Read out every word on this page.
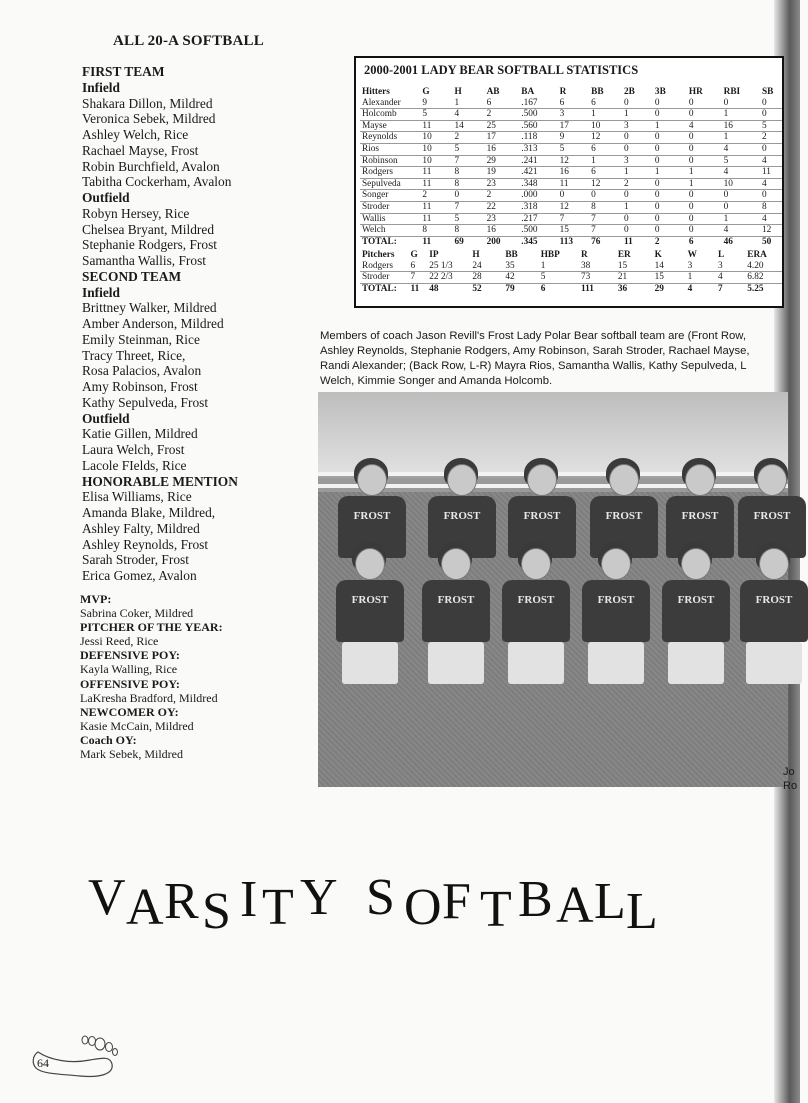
ALL 20-A SOFTBALL
FIRST TEAM
Infield
Shakara Dillon, Mildred
Veronica Sebek, Mildred
Ashley Welch, Rice
Rachael Mayse, Frost
Robin Burchfield, Avalon
Tabitha Cockerham, Avalon
Outfield
Robyn Hersey, Rice
Chelsea Bryant, Mildred
Stephanie Rodgers, Frost
Samantha Wallis, Frost
SECOND TEAM
Infield
Brittney Walker, Mildred
Amber Anderson, Mildred
Emily Steinman, Rice
Tracy Threet, Rice,
Rosa Palacios, Avalon
Amy Robinson, Frost
Kathy Sepulveda, Frost
Outfield
Katie Gillen, Mildred
Laura Welch, Frost
Lacole FIelds, Rice
HONORABLE MENTION
Elisa Williams, Rice
Amanda Blake, Mildred,
Ashley Falty, Mildred
Ashley Reynolds, Frost
Sarah Stroder, Frost
Erica Gomez, Avalon
MVP:
Sabrina Coker, Mildred
PITCHER OF THE YEAR:
Jessi Reed, Rice
DEFENSIVE POY:
Kayla Walling, Rice
OFFENSIVE POY:
LaKresha Bradford, Mildred
NEWCOMER OY:
Kasie McCain, Mildred
Coach OY:
Mark Sebek, Mildred
2000-2001 LADY BEAR SOFTBALL STATISTICS
Hitters	G	H	AB	BA	R	BB	2B	3B	HR	RBI	SB
Alexander	9	1	6	.167	6	6	0	0	0	0	0
Holcomb	5	4	2	.500	3	1	1	0	0	1	0
Mayse	11	14	25	.560	17	10	3	1	4	16	5
Reynolds	10	2	17	.118	9	12	0	0	0	1	2
Rios	10	5	16	.313	5	6	0	0	0	4	0
Robinson	10	7	29	.241	12	1	3	0	0	5	4
Rodgers	11	8	19	.421	16	6	1	1	1	4	11
Sepulveda	11	8	23	.348	11	12	2	0	1	10	4
Songer	2	0	2	.000	0	0	0	0	0	0	0
Stroder	11	7	22	.318	12	8	1	0	0	0	8
Wallis	11	5	23	.217	7	7	0	0	0	1	4
Welch	8	8	16	.500	15	7	0	0	0	4	12
TOTAL:	11	69	200	.345	113	76	11	2	6	46	50
Pitchers	G	IP	H	BB	HBP	R	ER	K	W	L	ERA
Rodgers	6	25 1/3	24	35	1	38	15	14	3	3	4.20
Stroder	7	22 2/3	28	42	5	73	21	15	1	4	6.82
TOTAL:	11	48	52	79	6	111	36	29	4	7	5.25
Members of coach Jason Revill's Frost Lady Polar Bear softball team are (Front Row,
Ashley Reynolds, Stephanie Rodgers, Amy Robinson, Sarah Stroder, Rachael Mayse,
Randi Alexander; (Back Row, L-R) Mayra Rios, Samantha Wallis, Kathy Sepulveda, L
Welch, Kimmie Songer and Amanda Holcomb.
FROST	FROST	FROST	FROST	FROST	FROST
FROST	FROST	FROST	FROST	FROST	FROST
Jo
Ro
V A R S I T Y S O F T B A L L
64
